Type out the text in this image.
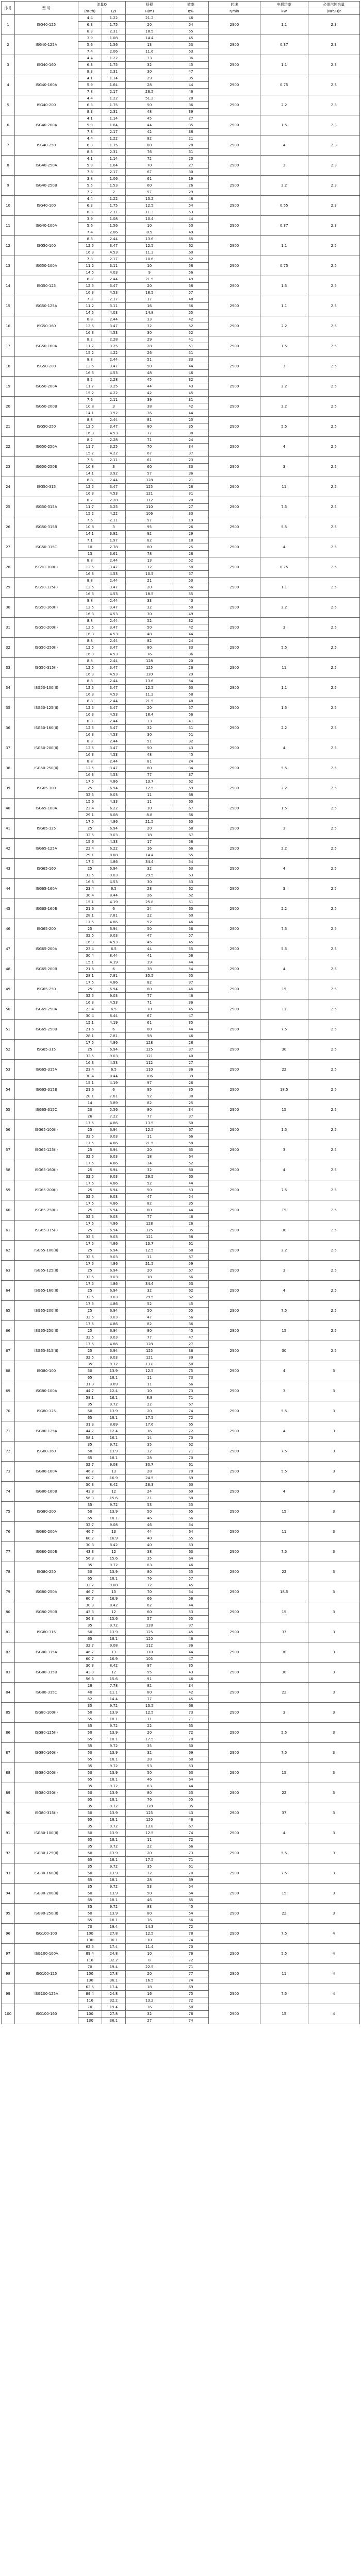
序号	型 号	流量Q		扬程	效率	转速	电机功率	必需汽蚀余量
		(m³/h)	L/s	H(m)	η%	r/min	kW	(NPSH)r
1	ISG40-125	4.4	1.22	21.2	46	2900	1.1	2.3
		6.3	1.75	20	54			
		8.3	2.31	18.5	55			
2	ISG40-125A	3.9	1.08	14.4	45	2900	0.37	2.3
		5.6	1.56	13	53			
		7.4	2.06	11.6	53			
3	ISG40-160	4.4	1.22	33	36	2900	1.1	2.3
		6.3	1.75	32	45			
		8.3	2.31	30	47			
4	ISG40-160A	4.1	1.14	29	35	2900	0.75	2.3
		5.9	1.64	28	44			
		7.8	2.17	26.5	46			
5	ISG40-200	4.4	1.22	51.2	28	2900	2.2	2.3
		6.3	1.75	50	36			
		8.3	2.31	48	39			
6	ISG40-200A	4.1	1.14	45	27	2900	1.5	2.3
		5.9	1.64	44	35			
		7.8	2.17	42	38			
7	ISG40-250	4.4	1.22	82	21	2900	4	2.3
		6.3	1.75	80	28			
		8.3	2.31	76	31			
8	ISG40-250A	4.1	1.14	72	20	2900	3	2.3
		5.9	1.64	70	27			
		7.8	2.17	67	30			
9	ISG40-250B	3.8	1.06	61	19	2900	2.2	2.3
		5.5	1.53	60	26			
		7.2	2	57	29			
10	ISG40-100	4.4	1.22	13.2	48	2900	0.55	2.3
		6.3	1.75	12.5	54			
		8.3	2.31	11.3	53			
11	ISG40-100A	3.9	1.08	10.4	44	2900	0.37	2.3
		5.6	1.56	10	50			
		7.4	2.06	8.9	49			
12	ISG50-100	8.8	2.44	13.6	55	2900	1.1	2.5
		12.5	3.47	12.5	62			
		16.3	4.53	11.3	60			
13	ISG50-100A	7.8	2.17	10.6	52	2900	0.75	2.5
		11.2	3.11	10	58			
		14.5	4.03	9	56			
14	ISG50-125	8.8	2.44	21.5	49	2900	1.5	2.5
		12.5	3.47	20	58			
		16.3	4.53	18.5	57			
15	ISG50-125A	7.8	2.17	17	48	2900	1.1	2.5
		11.2	3.11	16	56			
		14.5	4.03	14.8	55			
16	ISG50-160	8.8	2.44	33	42	2900	2.2	2.5
		12.5	3.47	32	52			
		16.3	4.53	30	52			
17	ISG50-160A	8.2	2.28	29	41	2900	1.5	2.5
		11.7	3.25	28	51			
		15.2	4.22	26	51			
18	ISG50-200	8.8	2.44	51	33	2900	3	2.5
		12.5	3.47	50	44			
		16.3	4.53	48	46			
19	ISG50-200A	8.2	2.28	45	32	2900	2.2	2.5
		11.7	3.25	44	43			
		15.2	4.22	42	45			
20	ISG50-200B	7.6	2.11	39	31	2900	2.2	2.5
		10.8	3	38	42			
		14.1	3.92	36	44			
21	ISG50-250	8.8	2.44	81	25	2900	5.5	2.5
		12.5	3.47	80	35			
		16.3	4.53	77	38			
22	ISG50-250A	8.2	2.28	71	24	2900	4	2.5
		11.7	3.25	70	34			
		15.2	4.22	67	37			
23	ISG50-250B	7.6	2.11	61	23	2900	3	2.5
		10.8	3	60	33			
		14.1	3.92	57	36			
24	ISG50-315	8.8	2.44	128	21	2900	11	2.5
		12.5	3.47	125	28			
		16.3	4.53	121	31			
25	ISG50-315A	8.2	2.28	112	20	2900	7.5	2.5
		11.7	3.25	110	27			
		15.2	4.22	106	30			
26	ISG50-315B	7.6	2.11	97	19	2900	5.5	2.5
		10.8	3	95	26			
		14.1	3.92	92	29			
27	ISG50-315C	7.1	1.97	82	18	2900	4	2.5
		10	2.78	80	25			
		13	3.61	78	28			
28	ISG50-100(I)	8.8	2.44	13	52	2900	0.75	2.5
		12.5	3.47	12	58			
		16.3	4.53	10.5	57			
29	ISG50-125(I)	8.8	2.44	21	50	2900	1.1	2.5
		12.5	3.47	20	56			
		16.3	4.53	18.5	55			
30	ISG50-160(I)	8.8	2.44	33	40	2900	2.2	2.5
		12.5	3.47	32	50			
		16.3	4.53	30	49			
31	ISG50-200(I)	8.8	2.44	52	32	2900	3	2.5
		12.5	3.47	50	42			
		16.3	4.53	48	44			
32	ISG50-250(I)	8.8	2.44	82	24	2900	5.5	2.5
		12.5	3.47	80	33			
		16.3	4.53	76	36			
33	ISG50-315(I)	8.8	2.44	128	20	2900	11	2.5
		12.5	3.47	125	26			
		16.3	4.53	120	29			
34	ISG50-100(II)	8.8	2.44	13.6	54	2900	1.1	2.5
		12.5	3.47	12.5	60			
		16.3	4.53	11.2	58			
35	ISG50-125(II)	8.8	2.44	21.5	48	2900	1.5	2.5
		12.5	3.47	20	57			
		16.3	4.53	18.4	56			
36	ISG50-160(II)	8.8	2.44	33	41	2900	2.2	2.5
		12.5	3.47	32	51			
		16.3	4.53	30	51			
37	ISG50-200(II)	8.8	2.44	51	32	2900	4	2.5
		12.5	3.47	50	43			
		16.3	4.53	48	45			
38	ISG50-250(II)	8.8	2.44	81	24	2900	5.5	2.5
		12.5	3.47	80	34			
		16.3	4.53	77	37			
39	ISG65-100	17.5	4.86	13.7	62	2900	2.2	2.5
		25	6.94	12.5	69			
		32.5	9.03	11	68			
40	ISG65-100A	15.6	4.33	11	60	2900	1.5	2.5
		22.4	6.22	10	67			
		29.1	8.08	8.8	66			
41	ISG65-125	17.5	4.86	21.5	60	2900	3	2.5
		25	6.94	20	68			
		32.5	9.03	18	67			
42	ISG65-125A	15.6	4.33	17	58	2900	2.2	2.5
		22.4	6.22	16	66			
		29.1	8.08	14.4	65			
43	ISG65-160	17.5	4.86	34.4	54	2900	4	2.5
		25	6.94	32	63			
		32.5	9.03	29.5	63			
44	ISG65-160A	16.3	4.53	30	53	2900	3	2.5
		23.4	6.5	28	62			
		30.4	8.44	26	62			
45	ISG65-160B	15.1	4.19	25.8	51	2900	2.2	2.5
		21.6	6	24	60			
		28.1	7.81	22	60			
46	ISG65-200	17.5	4.86	52	46	2900	7.5	2.5
		25	6.94	50	56			
		32.5	9.03	47	57			
47	ISG65-200A	16.3	4.53	45	45	2900	5.5	2.5
		23.4	6.5	44	55			
		30.4	8.44	41	56			
48	ISG65-200B	15.1	4.19	39	44	2900	4	2.5
		21.6	6	38	54			
		28.1	7.81	35.5	55			
49	ISG65-250	17.5	4.86	82	37	2900	15	2.5
		25	6.94	80	46			
		32.5	9.03	77	48			
50	ISG65-250A	16.3	4.53	71	36	2900	11	2.5
		23.4	6.5	70	45			
		30.4	8.44	67	47			
51	ISG65-250B	15.1	4.19	61	35	2900	7.5	2.5
		21.6	6	60	44			
		28.1	7.81	58	46			
52	ISG65-315	17.5	4.86	128	28	2900	30	2.5
		25	6.94	125	37			
		32.5	9.03	121	40			
53	ISG65-315A	16.3	4.53	112	27	2900	22	2.5
		23.4	6.5	110	36			
		30.4	8.44	106	39			
54	ISG65-315B	15.1	4.19	97	26	2900	18.5	2.5
		21.6	6	95	35			
		28.1	7.81	92	38			
55	ISG65-315C	14	3.89	82	25	2900	15	2.5
		20	5.56	80	34			
		26	7.22	77	37			
56	ISG65-100(I)	17.5	4.86	13.5	60	2900	1.5	2.5
		25	6.94	12.5	67			
		32.5	9.03	11	66			
57	ISG65-125(I)	17.5	4.86	21.5	58	2900	3	2.5
		25	6.94	20	65			
		32.5	9.03	18	64			
58	ISG65-160(I)	17.5	4.86	34	52	2900	4	2.5
		25	6.94	32	60			
		32.5	9.03	29.5	60			
59	ISG65-200(I)	17.5	4.86	52	44	2900	7.5	2.5
		25	6.94	50	53			
		32.5	9.03	47	54			
60	ISG65-250(I)	17.5	4.86	82	35	2900	15	2.5
		25	6.94	80	44			
		32.5	9.03	77	46			
61	ISG65-315(I)	17.5	4.86	128	26	2900	30	2.5
		25	6.94	125	35			
		32.5	9.03	121	38			
62	ISG65-100(II)	17.5	4.86	13.7	61	2900	2.2	2.5
		25	6.94	12.5	68			
		32.5	9.03	11	67			
63	ISG65-125(II)	17.5	4.86	21.5	59	2900	3	2.5
		25	6.94	20	67			
		32.5	9.03	18	66			
64	ISG65-160(II)	17.5	4.86	34.4	53	2900	4	2.5
		25	6.94	32	62			
		32.5	9.03	29.5	62			
65	ISG65-200(II)	17.5	4.86	52	45	2900	7.5	2.5
		25	6.94	50	55			
		32.5	9.03	47	56			
66	ISG65-250(II)	17.5	4.86	82	36	2900	15	2.5
		25	6.94	80	45			
		32.5	9.03	77	47			
67	ISG65-315(II)	17.5	4.86	128	27	2900	30	2.5
		25	6.94	125	36			
		32.5	9.03	121	39			
68	ISG80-100	35	9.72	13.8	68	2900	4	3
		50	13.9	12.5	75			
		65	18.1	11	73			
69	ISG80-100A	31.3	8.69	11	66	2900	3	3
		44.7	12.4	10	73			
		58.1	16.1	8.8	71			
70	ISG80-125	35	9.72	22	67	2900	5.5	3
		50	13.9	20	74			
		65	18.1	17.5	72			
71	ISG80-125A	31.3	8.69	17.6	65	2900	4	3
		44.7	12.4	16	72			
		58.1	16.1	14	70			
72	ISG80-160	35	9.72	35	62	2900	7.5	3
		50	13.9	32	71			
		65	18.1	28	70			
73	ISG80-160A	32.7	9.08	30.7	61	2900	5.5	3
		46.7	13	28	70			
		60.7	16.9	24.5	69			
74	ISG80-160B	30.3	8.42	26.3	60	2900	4	3
		43.3	12	24	69			
		56.3	15.6	21	68			
75	ISG80-200	35	9.72	53	55	2900	15	3
		50	13.9	50	65			
		65	18.1	46	66			
76	ISG80-200A	32.7	9.08	46	54	2900	11	3
		46.7	13	44	64			
		60.7	16.9	40	65			
77	ISG80-200B	30.3	8.42	40	53	2900	7.5	3
		43.3	12	38	63			
		56.3	15.6	35	64			
78	ISG80-250	35	9.72	83	46	2900	22	3
		50	13.9	80	55			
		65	18.1	76	57			
79	ISG80-250A	32.7	9.08	72	45	2900	18.5	3
		46.7	13	70	54			
		60.7	16.9	66	56			
80	ISG80-250B	30.3	8.42	62	44	2900	15	3
		43.3	12	60	53			
		56.3	15.6	57	55			
81	ISG80-315	35	9.72	128	37	2900	37	3
		50	13.9	125	45			
		65	18.1	120	48			
82	ISG80-315A	32.7	9.08	112	36	2900	30	3
		46.7	13	110	44			
		60.7	16.9	105	47			
83	ISG80-315B	30.3	8.42	97	35	2900	30	3
		43.3	12	95	43			
		56.3	15.6	91	46			
84	ISG80-315C	28	7.78	82	34	2900	22	3
		40	11.1	80	42			
		52	14.4	77	45			
85	ISG80-100(I)	35	9.72	13.5	66	2900	3	3
		50	13.9	12.5	73			
		65	18.1	11	71			
86	ISG80-125(I)	35	9.72	22	65	2900	5.5	3
		50	13.9	20	72			
		65	18.1	17.5	70			
87	ISG80-160(I)	35	9.72	35	60	2900	7.5	3
		50	13.9	32	69			
		65	18.1	28	68			
88	ISG80-200(I)	35	9.72	53	53	2900	15	3
		50	13.9	50	63			
		65	18.1	46	64			
89	ISG80-250(I)	35	9.72	83	44	2900	22	3
		50	13.9	80	53			
		65	18.1	76	55			
90	ISG80-315(I)	35	9.72	128	35	2900	37	3
		50	13.9	125	43			
		65	18.1	120	46			
91	ISG80-100(II)	35	9.72	13.8	67	2900	4	3
		50	13.9	12.5	74			
		65	18.1	11	72			
92	ISG80-125(II)	35	9.72	22	66	2900	5.5	3
		50	13.9	20	73			
		65	18.1	17.5	71			
93	ISG80-160(II)	35	9.72	35	61	2900	7.5	3
		50	13.9	32	70			
		65	18.1	28	69			
94	ISG80-200(II)	35	9.72	53	54	2900	15	3
		50	13.9	50	64			
		65	18.1	46	65			
95	ISG80-250(II)	35	9.72	83	45	2900	22	3
		50	13.9	80	54			
		65	18.1	76	56			
96	ISG100-100	70	19.4	14.3	72	2900	7.5	4
		100	27.8	12.5	78			
		130	36.1	10	74			
97	ISG100-100A	62.5	17.4	11.4	70	2900	5.5	4
		89.4	24.8	10	76			
		116	32.2	8	72			
98	ISG100-125	70	19.4	22.5	71	2900	11	4
		100	27.8	20	77			
		130	36.1	16.5	74			
99	ISG100-125A	62.5	17.4	18	69	2900	7.5	4
		89.4	24.8	16	75			
		116	32.2	13.2	72			
100	ISG100-160	70	19.4	36	68	2900	15	4
		100	27.8	32	76			
		130	36.1	27	74			
